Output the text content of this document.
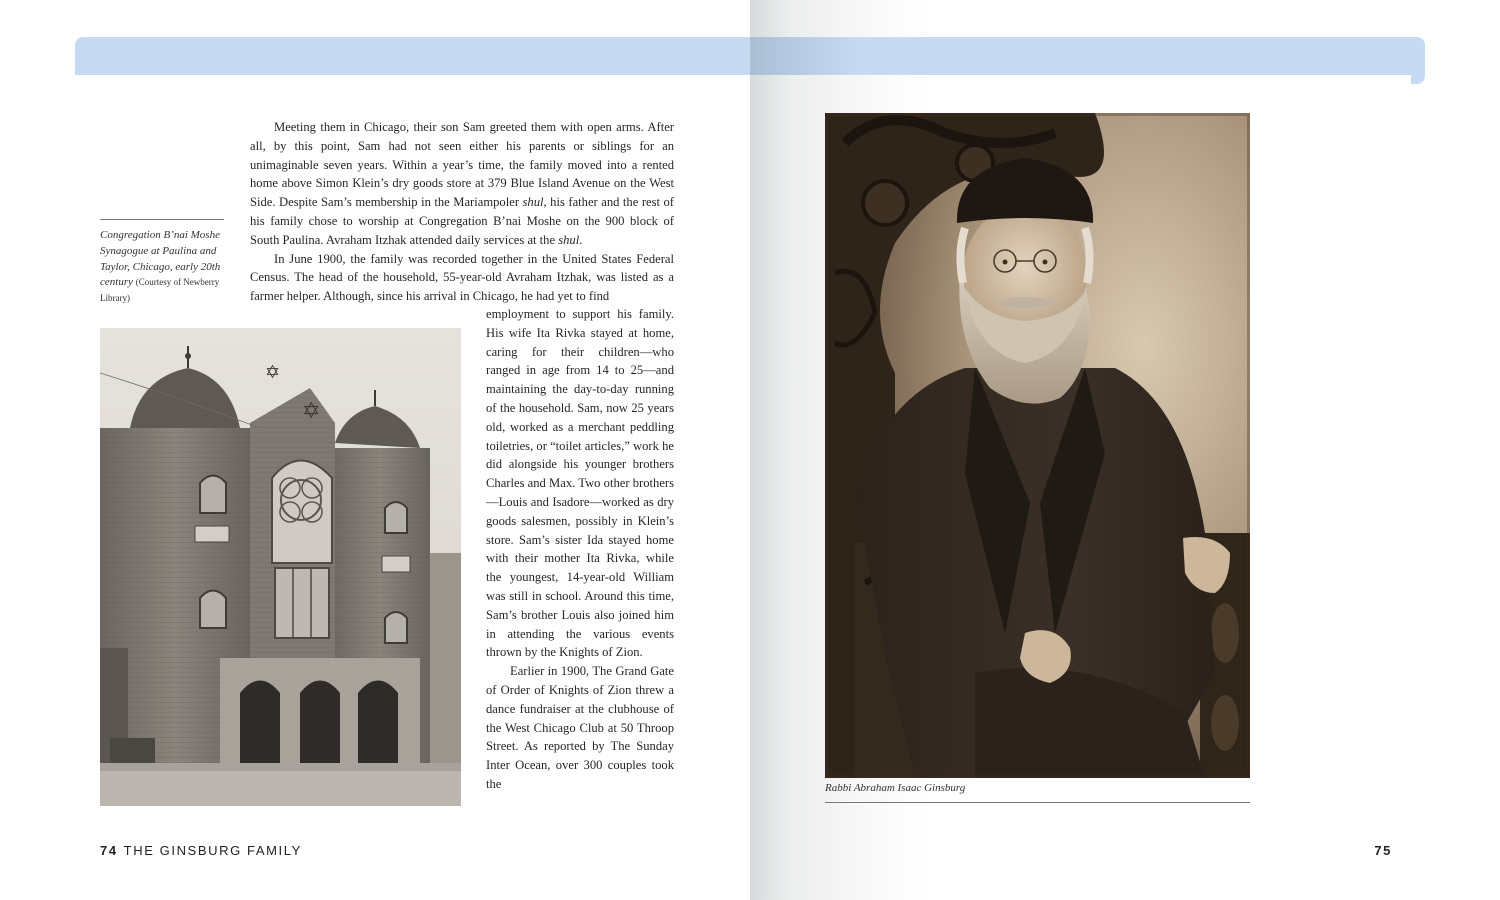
Meeting them in Chicago, their son Sam greeted them with open arms. After all, by this point, Sam had not seen either his parents or siblings for an unimaginable seven years. Within a year’s time, the family moved into a rented home above Simon Klein’s dry goods store at 379 Blue Island Avenue on the West Side. Despite Sam’s membership in the Mariampoler shul, his father and the rest of his family chose to worship at Congregation B’nai Moshe on the 900 block of South Paulina. Avraham Itzhak attended daily services at the shul.

In June 1900, the family was recorded together in the United States Federal Census. The head of the household, 55-year-old Avraham Itzhak, was listed as a farmer helper. Although, since his arrival in Chicago, he had yet to find

employment to support his family. His wife Ita Rivka stayed at home, caring for their children—who ranged in age from 14 to 25—and maintaining the day-to-day running of the household. Sam, now 25 years old, worked as a merchant peddling toiletries, or “toilet articles,” work he did alongside his younger brothers Charles and Max. Two other brothers—Louis and Isadore—worked as dry goods salesmen, possibly in Klein’s store. Sam’s sister Ida stayed home with their mother Ita Rivka, while the youngest, 14-year-old William was still in school. Around this time, Sam’s brother Louis also joined him in attending the various events thrown by the Knights of Zion.

Earlier in 1900, The Grand Gate of Order of Knights of Zion threw a dance fundraiser at the clubhouse of the West Chicago Club at 50 Throop Street. As reported by The Sunday Inter Ocean, over 300 couples took the

Congregation B’nai Moshe Synagogue at Paulina and Taylor, Chicago, early 20th century (Courtesy of Newberry Library)
✡
✡
Rabbi Abraham Isaac Ginsburg
74 THE GINSBURG FAMILY	75
